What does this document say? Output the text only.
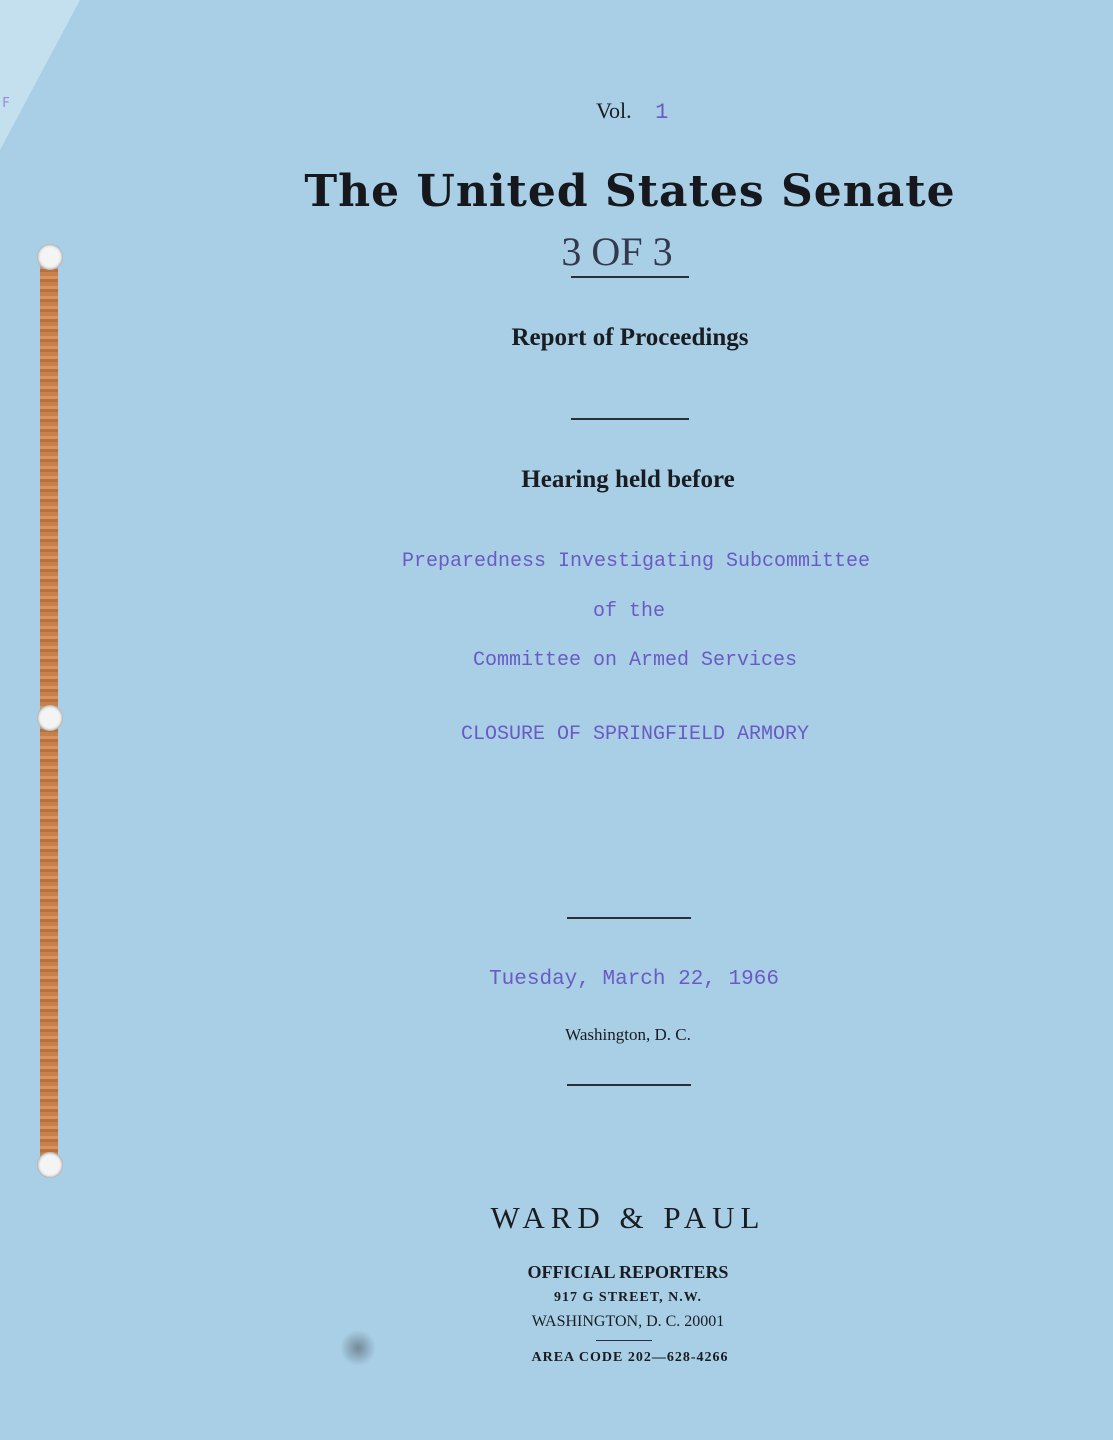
F	Vol. 1
The United States Senate
3 OF 3
Report of Proceedings
Hearing held before
Preparedness Investigating Subcommittee
of the
Committee on Armed Services
CLOSURE OF SPRINGFIELD ARMORY
Tuesday, March 22, 1966
Washington, D. C.
WARD & PAUL
OFFICIAL REPORTERS
917 G STREET, N.W.
WASHINGTON, D. C. 20001
AREA CODE 202—628-4266
